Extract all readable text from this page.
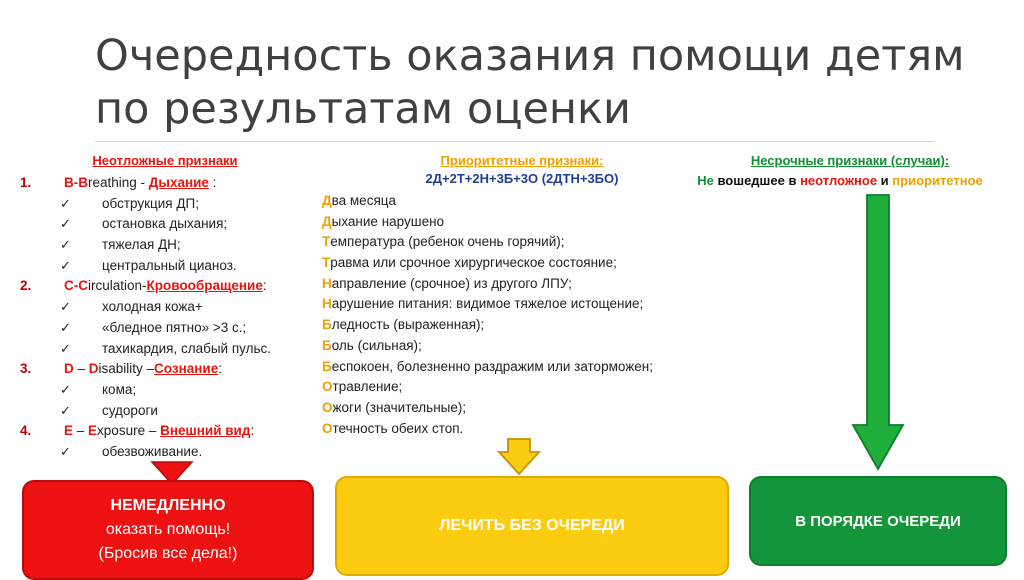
Очередность оказания помощи детям
по результатам оценки
Неотложные признаки	Приоритетные признаки:
2Д+2Т+2Н+3Б+3О (2ДТН+3БО)
Несрочные признаки (случаи):
Не вошедшее в неотложное и приоритетное
1. B-Breathing - Дыхание :
✓ обструкция ДП;
✓ остановка дыхания;
✓ тяжелая ДН;
✓ центральный цианоз.
2. C-Circulation-Кровообращение:
✓ холодная кожа+
✓ «бледное пятно» >3 с.;
✓ тахикардия, слабый пульс.
3. D – Disability –Сознание:
✓ кома;
✓ судороги
4. E – Exposure – Внешний вид:
✓ обезвоживание.
Два месяца
Дыхание нарушено
Температура (ребенок очень горячий);
Травма или срочное хирургическое состояние;
Направление (срочное) из другого ЛПУ;
Нарушение питания: видимое тяжелое истощение;
Бледность (выраженная);
Боль (сильная);
Беспокоен, болезненно раздражим или заторможен;
Отравление;
Ожоги (значительные);
Отечность обеих стоп.
НЕМЕДЛЕННО
оказать помощь!
(Бросив все дела!)
ЛЕЧИТЬ БЕЗ ОЧЕРЕДИ	В ПОРЯДКЕ ОЧЕРЕДИ
